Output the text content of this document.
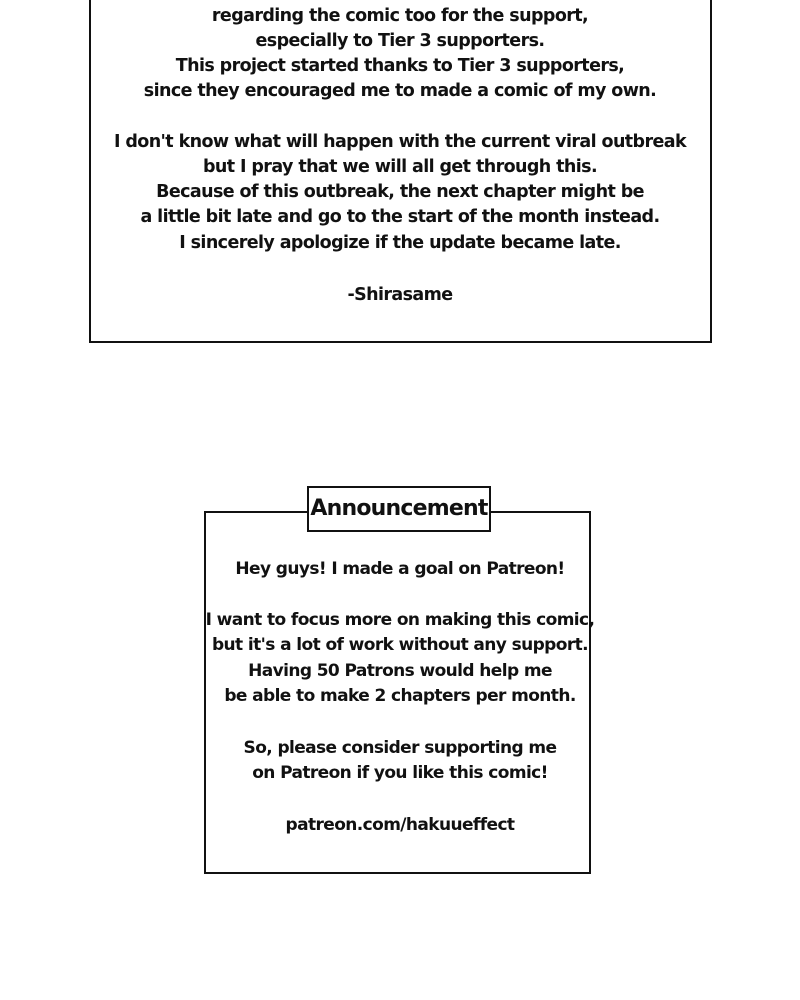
regarding the comic too for the support,
especially to Tier 3 supporters.
This project started thanks to Tier 3 supporters,
since they encouraged me to made a comic of my own.
I don't know what will happen with the current viral outbreak
but I pray that we will all get through this.
Because of this outbreak, the next chapter might be
a little bit late and go to the start of the month instead.
I sincerely apologize if the update became late.
-Shirasame
Announcement
Hey guys! I made a goal on Patreon!
I want to focus more on making this comic,
but it's a lot of work without any support.
Having 50 Patrons would help me
be able to make 2 chapters per month.
So, please consider supporting me
on Patreon if you like this comic!
patreon.com/hakuueffect
